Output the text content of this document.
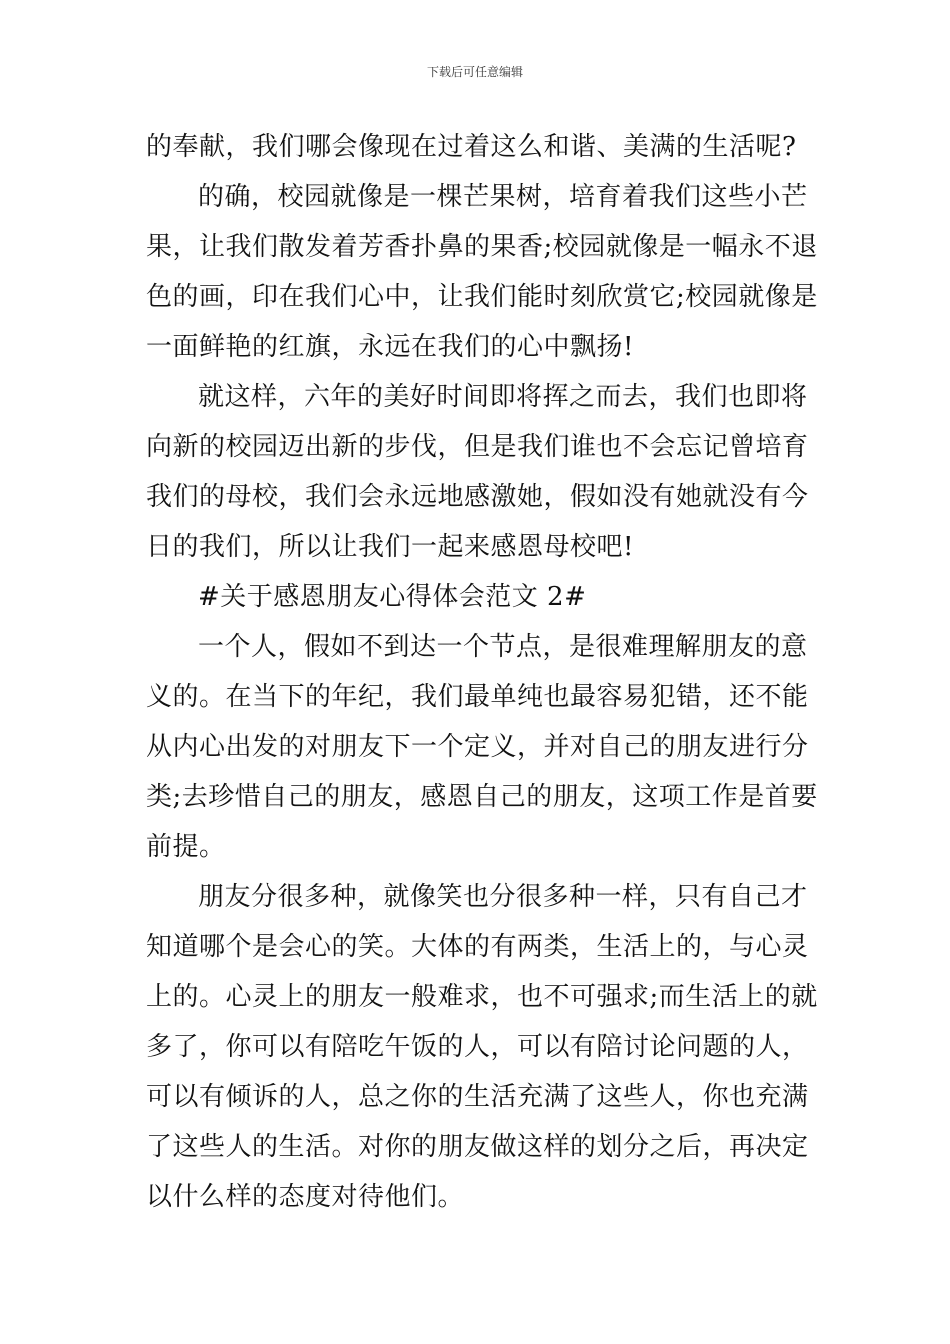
下载后可任意编辑

的奉献，我们哪会像现在过着这么和谐、美满的生活呢?

的确，校园就像是一棵芒果树，培育着我们这些小芒
果，让我们散发着芳香扑鼻的果香;校园就像是一幅永不退
色的画，印在我们心中，让我们能时刻欣赏它;校园就像是
一面鲜艳的红旗，永远在我们的心中飘扬!

就这样，六年的美好时间即将挥之而去，我们也即将
向新的校园迈出新的步伐，但是我们谁也不会忘记曾培育
我们的母校，我们会永远地感激她，假如没有她就没有今
日的我们，所以让我们一起来感恩母校吧!

#关于感恩朋友心得体会范文 2#

一个人，假如不到达一个节点，是很难理解朋友的意
义的。在当下的年纪，我们最单纯也最容易犯错，还不能
从内心出发的对朋友下一个定义，并对自己的朋友进行分
类;去珍惜自己的朋友，感恩自己的朋友，这项工作是首要
前提。

朋友分很多种，就像笑也分很多种一样，只有自己才
知道哪个是会心的笑。大体的有两类，生活上的，与心灵
上的。心灵上的朋友一般难求，也不可强求;而生活上的就
多了，你可以有陪吃午饭的人，可以有陪讨论问题的人，
可以有倾诉的人，总之你的生活充满了这些人，你也充满
了这些人的生活。对你的朋友做这样的划分之后，再决定
以什么样的态度对待他们。
